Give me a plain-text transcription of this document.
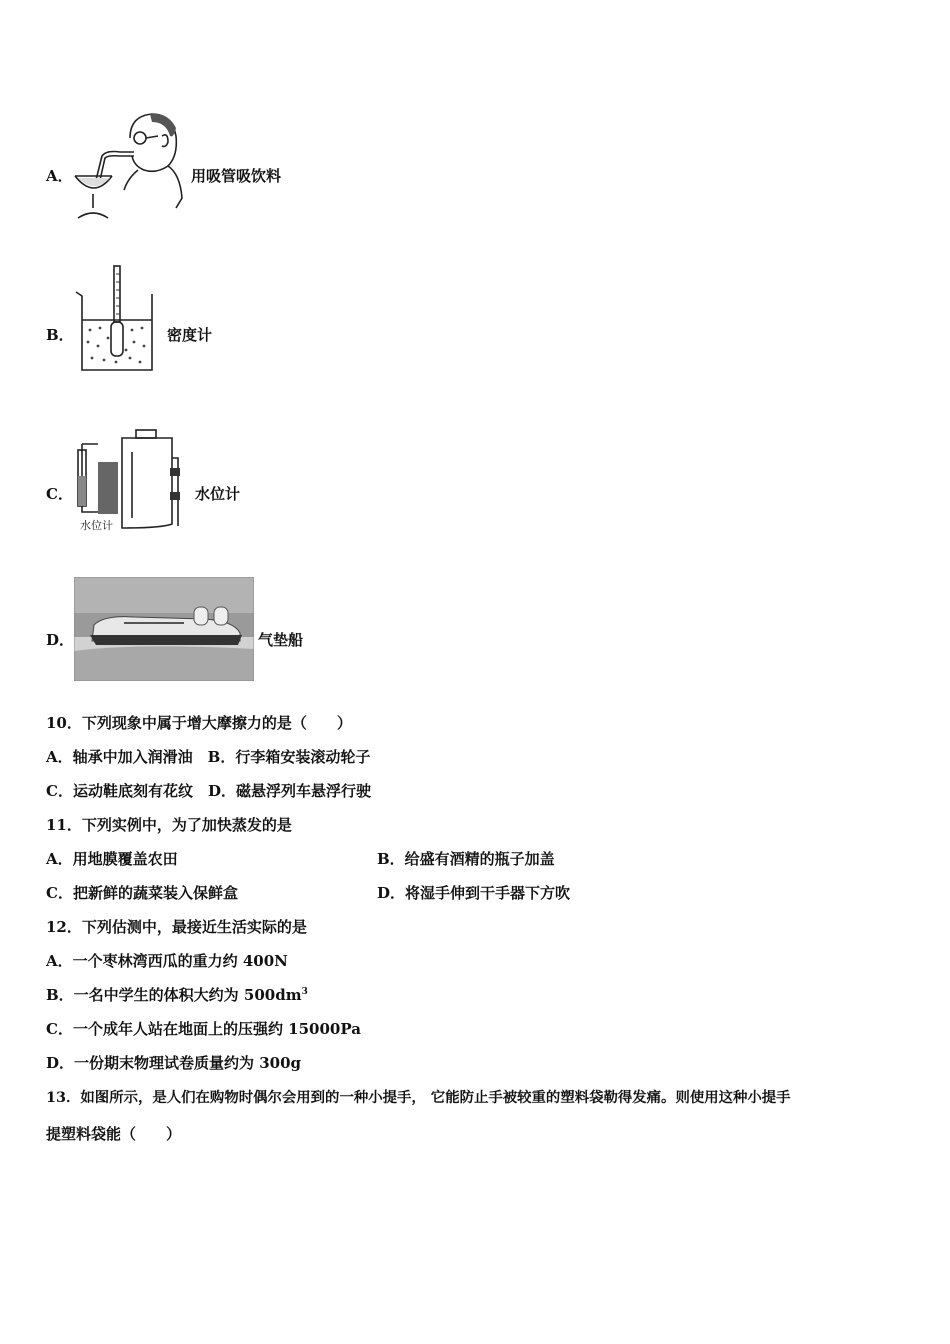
A．	用吸管吸饮料
B．	密度计
C．
水位计
水位计
D．	气垫船
10．下列现象中属于增大摩擦力的是（　　）
A．轴承中加入润滑油　B．行李箱安装滚动轮子
C．运动鞋底刻有花纹　D．磁悬浮列车悬浮行驶
11．下列实例中，为了加快蒸发的是
A．用地膜覆盖农田	B．给盛有酒精的瓶子加盖
C．把新鲜的蔬菜装入保鲜盒	D．将湿手伸到干手器下方吹
12．下列估测中，最接近生活实际的是
A．一个枣林湾西瓜的重力约 400N
B．一名中学生的体积大约为 $500dm^3$
C．一个成年人站在地面上的压强约 15000Pa
D．一份期末物理试卷质量约为 300g
13．如图所示，是人们在购物时偶尔会用到的一种小提手， 它能防止手被较重的塑料袋勒得发痛。则使用这种小提手
提塑料袋能（　　）
